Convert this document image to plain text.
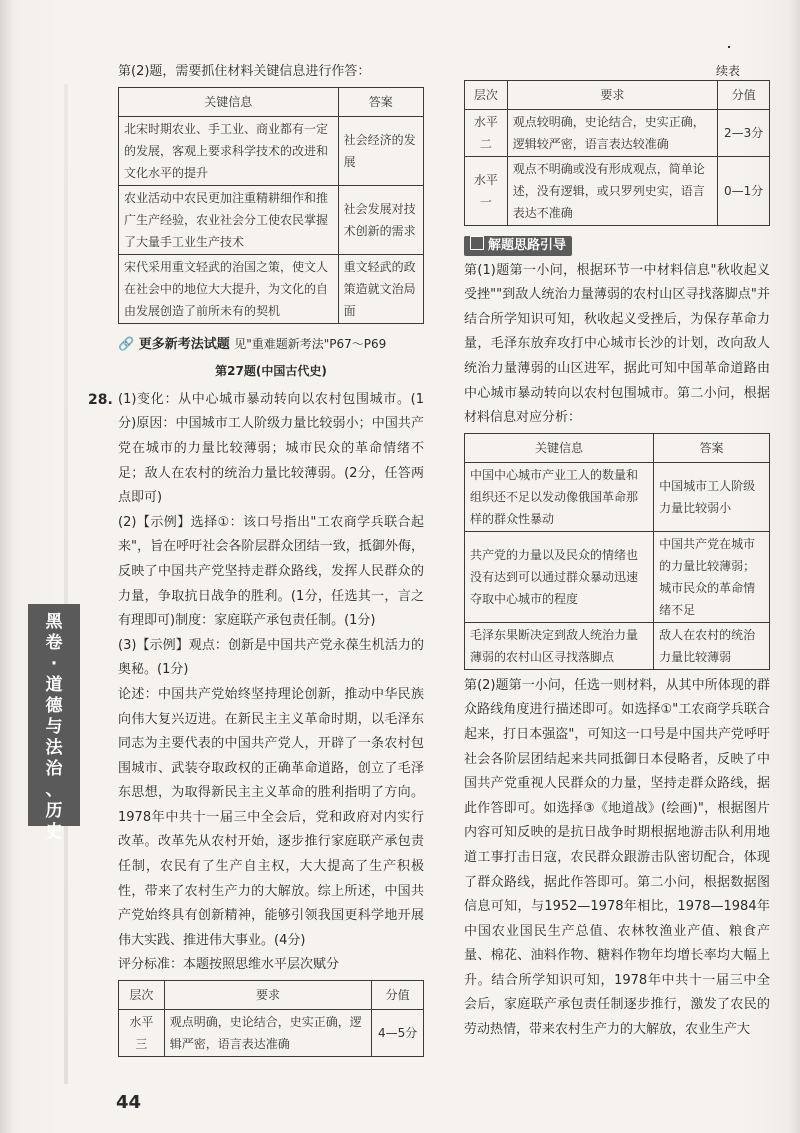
第(2)题，需要抓住材料关键信息进行作答：

关键信息	答案
北宋时期农业、手工业、商业都有一定的发展，客观上要求科学技术的改进和文化水平的提升	社会经济的发展
农业活动中农民更加注重精耕细作和推广生产经验，农业社会分工使农民掌握了大量手工业生产技术	社会发展对技术创新的需求
宋代采用重文轻武的治国之策，使文人在社会中的地位大大提升，为文化的自由发展创造了前所未有的契机	重文轻武的政策造就文治局面
🔗 更多新考法试题 见"重难题新考法"P67～P69
第27题(中国古代史)
28. (1)变化：从中心城市暴动转向以农村包围城市。(1分)原因：中国城市工人阶级力量比较弱小；中国共产党在城市的力量比较薄弱；城市民众的革命情绪不足；敌人在农村的统治力量比较薄弱。(2分，任答两点即可)

(2)【示例】选择①：该口号指出"工农商学兵联合起来"，旨在呼吁社会各阶层群众团结一致，抵御外侮，反映了中国共产党坚持走群众路线，发挥人民群众的力量，争取抗日战争的胜利。(1分，任选其一，言之有理即可)制度：家庭联产承包责任制。(1分)

(3)【示例】观点：创新是中国共产党永葆生机活力的奥秘。(1分)

论述：中国共产党始终坚持理论创新，推动中华民族向伟大复兴迈进。在新民主主义革命时期，以毛泽东同志为主要代表的中国共产党人，开辟了一条农村包围城市、武装夺取政权的正确革命道路，创立了毛泽东思想，为取得新民主主义革命的胜利指明了方向。1978年中共十一届三中全会后，党和政府对内实行改革。改革先从农村开始，逐步推行家庭联产承包责任制，农民有了生产自主权，大大提高了生产积极性，带来了农村生产力的大解放。综上所述，中国共产党始终具有创新精神，能够引领我国更科学地开展伟大实践、推进伟大事业。(4分)

评分标准：本题按照思维水平层次赋分

层次	要求	分值
水平三	观点明确，史论结合，史实正确，逻辑严密，语言表达准确	4—5分
黑
卷
·
道
德
与
法
治
、
历
史
续表
层次	要求	分值
水平二	观点较明确，史论结合，史实正确，逻辑较严密，语言表达较准确	2—3分
水平一	观点不明确或没有形成观点，简单论述，没有逻辑，或只罗列史实，语言表达不准确	0—1分
解题思路引导

第(1)题第一小问，根据环节一中材料信息"秋收起义受挫""到敌人统治力量薄弱的农村山区寻找落脚点"并结合所学知识可知，秋收起义受挫后，为保存革命力量，毛泽东放弃攻打中心城市长沙的计划，改向敌人统治力量薄弱的山区进军，据此可知中国革命道路由中心城市暴动转向以农村包围城市。第二小问，根据材料信息对应分析：

关键信息	答案
中国中心城市产业工人的数量和组织还不足以发动像俄国革命那样的群众性暴动	中国城市工人阶级力量比较弱小
共产党的力量以及民众的情绪也没有达到可以通过群众暴动迅速夺取中心城市的程度	中国共产党在城市的力量比较薄弱；城市民众的革命情绪不足
毛泽东果断决定到敌人统治力量薄弱的农村山区寻找落脚点	敌人在农村的统治力量比较薄弱

第(2)题第一小问，任选一则材料，从其中所体现的群众路线角度进行描述即可。如选择①"工农商学兵联合起来，打日本强盗"，可知这一口号是中国共产党呼吁社会各阶层团结起来共同抵御日本侵略者，反映了中国共产党重视人民群众的力量，坚持走群众路线，据此作答即可。如选择③《地道战》(绘画)"，根据图片内容可知反映的是抗日战争时期根据地游击队利用地道工事打击日寇，农民群众跟游击队密切配合，体现了群众路线，据此作答即可。第二小问，根据数据图信息可知，与1952—1978年相比，1978—1984年中国农业国民生产总值、农林牧渔业产值、粮食产量、棉花、油料作物、糖料作物年均增长率均大幅上升。结合所学知识可知，1978年中共十一届三中全会后，家庭联产承包责任制逐步推行，激发了农民的劳动热情，带来农村生产力的大解放，农业生产大

44
